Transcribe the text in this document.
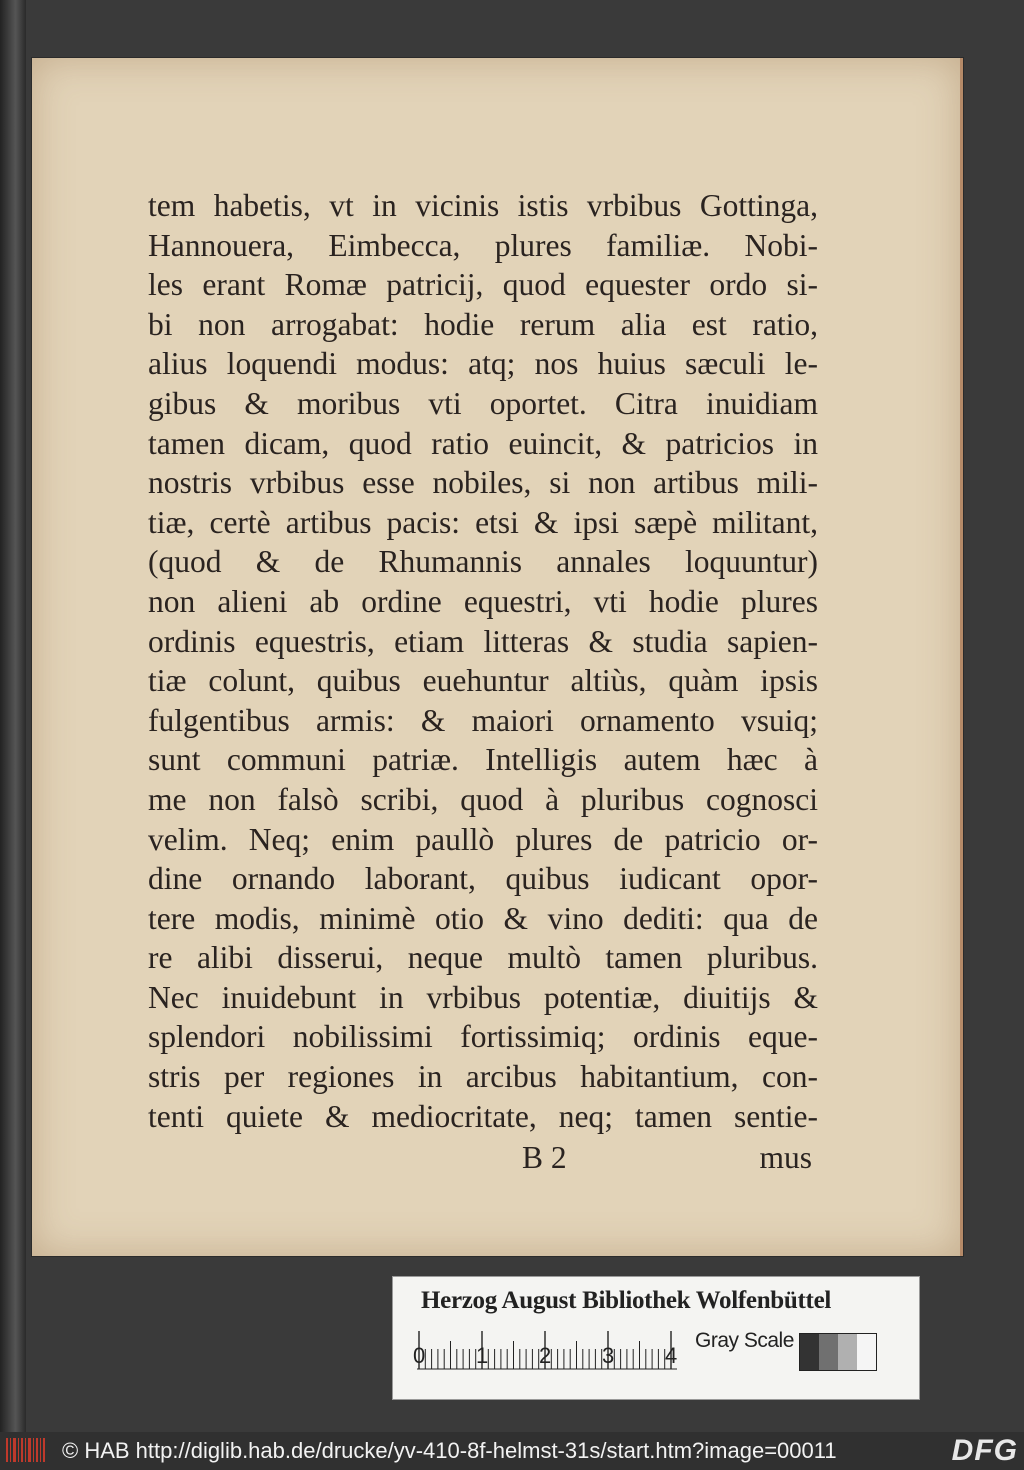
tem habetis, vt in vicinis istis vrbibus Gottinga,
Hannouera, Eimbecca, plures familiæ. Nobi-
les erant Romæ patricij, quod equester ordo si-
bi non arrogabat: hodie rerum alia est ratio,
alius loquendi modus: atq; nos huius sæculi le-
gibus & moribus vti oportet. Citra inuidiam
tamen dicam, quod ratio euincit, & patricios in
nostris vrbibus esse nobiles, si non artibus mili-
tiæ, certè artibus pacis: etsi & ipsi sæpè militant,
(quod & de Rhumannis annales loquuntur)
non alieni ab ordine equestri, vti hodie plures
ordinis equestris, etiam litteras & studia sapien-
tiæ colunt, quibus euehuntur altiùs, quàm ipsis
fulgentibus armis: & maiori ornamento vsuiq;
sunt communi patriæ. Intelligis autem hæc à
me non falsò scribi, quod à pluribus cognosci
velim. Neq; enim paullò plures de patricio or-
dine ornando laborant, quibus iudicant opor-
tere modis, minimè otio & vino dediti: qua de
re alibi disserui, neque multò tamen pluribus.
Nec inuidebunt in vrbibus potentiæ, diuitijs &
splendori nobilissimi fortissimiq; ordinis eque-
stris per regiones in arcibus habitantium, con-
tenti quiete & mediocritate, neq; tamen sentie-
B 2	mus
Herzog August Bibliothek Wolfenbüttel
0 1 2 3 4
Gray Scale
© HAB http://diglib.hab.de/drucke/yv-410-8f-helmst-31s/start.htm?image=00011	DFG
